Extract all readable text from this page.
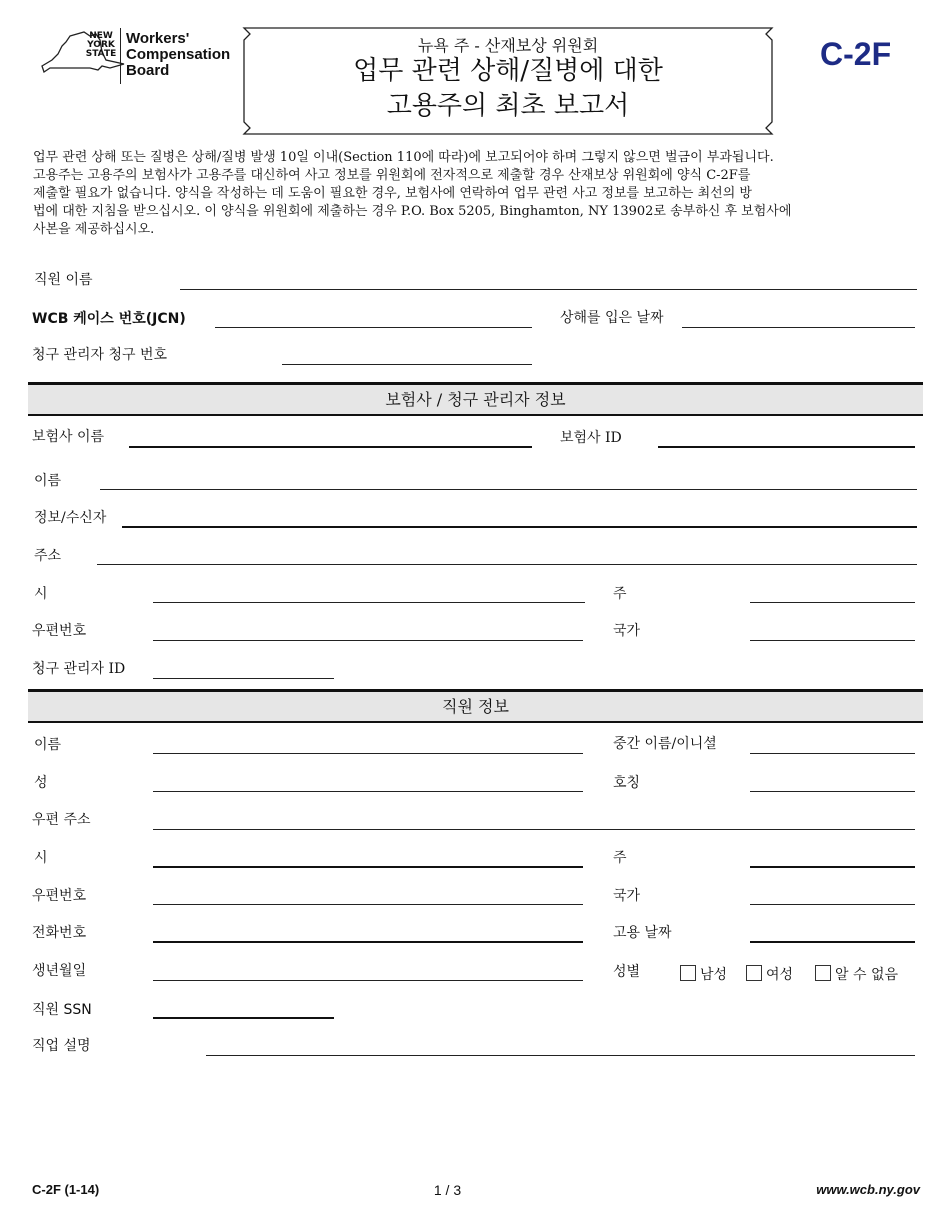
NEW
YORK
STATE
Workers'
Compensation
Board
뉴욕 주 - 산재보상 위원회
업무 관련 상해/질병에 대한
고용주의 최초 보고서
C-2F
업무 관련 상해 또는 질병은 상해/질병 발생 10일 이내(Section 110에 따라)에 보고되어야 하며 그렇지 않으면 벌금이 부과됩니다.
고용주는 고용주의 보험사가 고용주를 대신하여 사고 정보를 위원회에 전자적으로 제출할 경우 산재보상 위원회에 양식 C-2F를
제출할 필요가 없습니다. 양식을 작성하는 데 도움이 필요한 경우, 보험사에 연락하여 업무 관련 사고 정보를 보고하는 최선의 방
법에 대한 지침을 받으십시오. 이 양식을 위원회에 제출하는 경우 P.O. Box 5205, Binghamton, NY 13902로 송부하신 후 보험사에
사본을 제공하십시오.
직원 이름
WCB 케이스 번호(JCN)	상해를 입은 날짜
청구 관리자 청구 번호
보험사 / 청구 관리자 정보
보험사 이름	보험사 ID
이름
정보/수신자
주소
시	주
우편번호	국가
청구 관리자 ID
직원 정보
이름	중간 이름/이니셜
성	호칭
우편 주소
시	주
우편번호	국가
전화번호	고용 날짜
생년월일	성별	남성	여성	알 수 없음
직원 SSN
직업 설명
C-2F (1-14)	1 / 3	www.wcb.ny.gov
